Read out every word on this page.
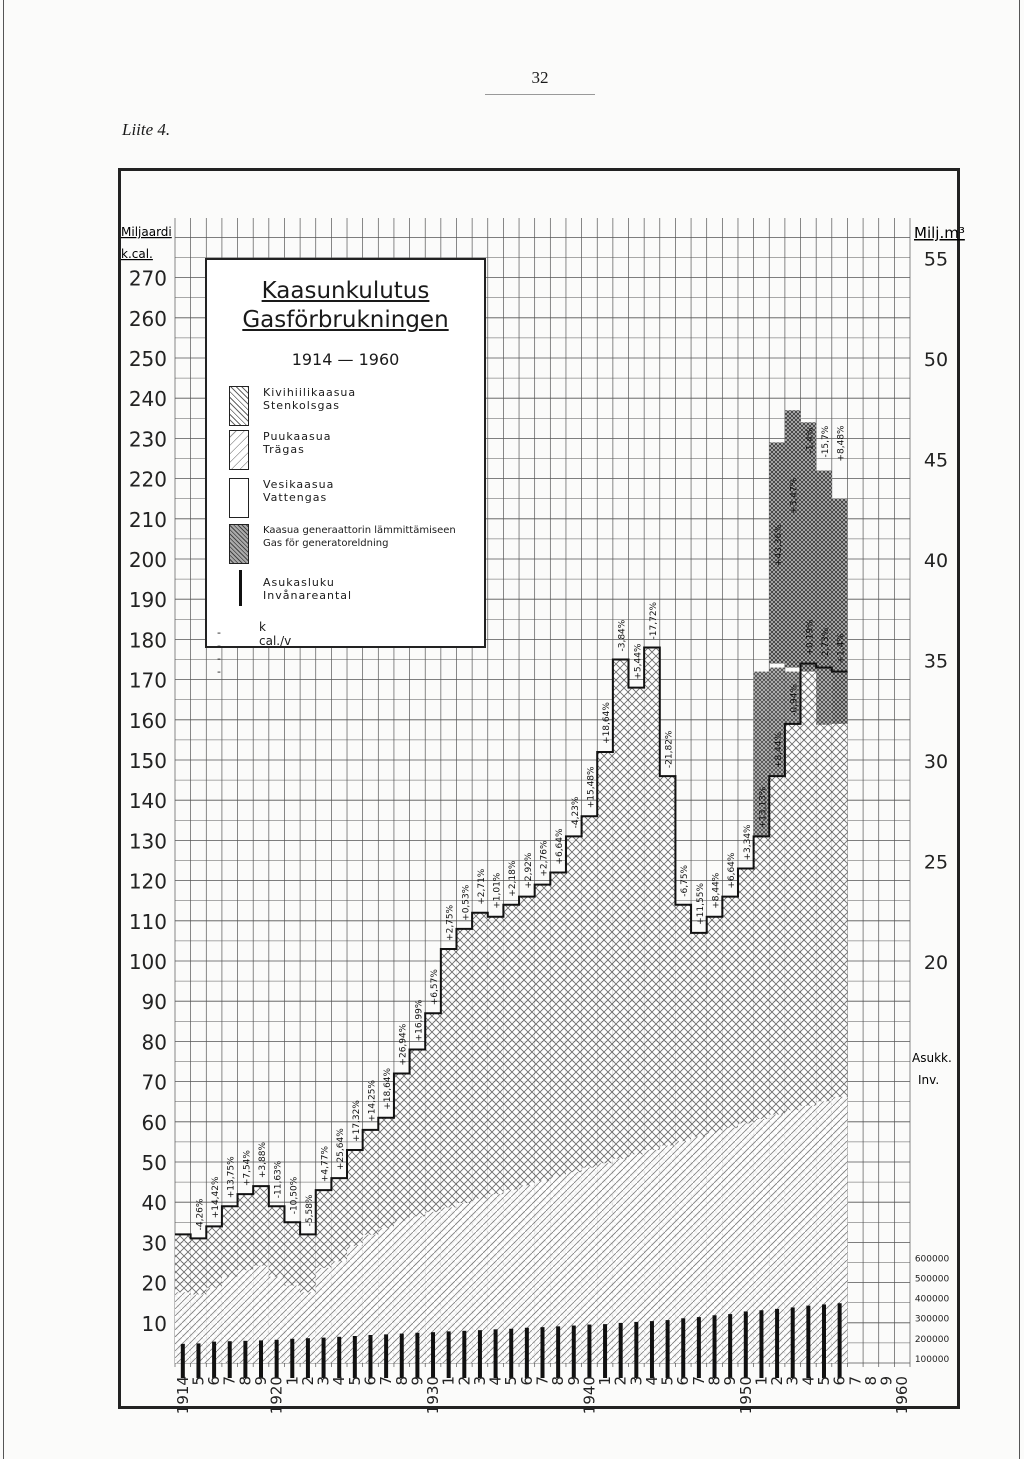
32
Liite 4.
-4,26% +14,42% +13,75% +7,54% +3,88%
-11,63% -10,50% -5,58%
+4,77% +25,64%
+17,32% +14,25% +18,64%
+26,94%
+16,99%
+6,57%
+2,75%
+0,53% +2,71% +1,01% +2,18% +2,92% +2,76% +6,64%
-4,23%
+15,48%
+18,64%
-3,84%
+5,44%
-17,72%
-21,82%
-6,75%
+11,55% +8,44%
+6,64%
+3,34%
+13,13%
+8,44%
-0,94%
+0,19% -2,73% +1,4%
+43,36%
+3,47%
-1,4% -15,7% +8,48%
10
20
30
40
50
60
70
80
90
100
110
120
130
140
150
160
170
180
190
200
210
220
230
240
250
260
270
Miljaardi
k.cal.
Milj.m³
20
25
30
35
40
45
50
55
Asukk.
Inv.
100000
200000
300000
400000
500000
600000
1914
5
6
7
8
9
1920
1
2
3
4
5
6
7
8
9
1930
1
2
3
4
5
6
7
8
9
1940
1
2
3
4
5
6
7
8
9
1950
1
2
3
4
5
6
7
8
9
1960
Kaasunkulutus
Gasförbrukningen
1914 — 1960
Kivihiilikaasua
Stenkolsgas
Puukaasua
Trägas
Vesikaasua
Vattengas
Kaasua generaattorin lämmittämiseen
Gas för generatoreldning
Asukasluku
Invånareantal
----
k cal./v
